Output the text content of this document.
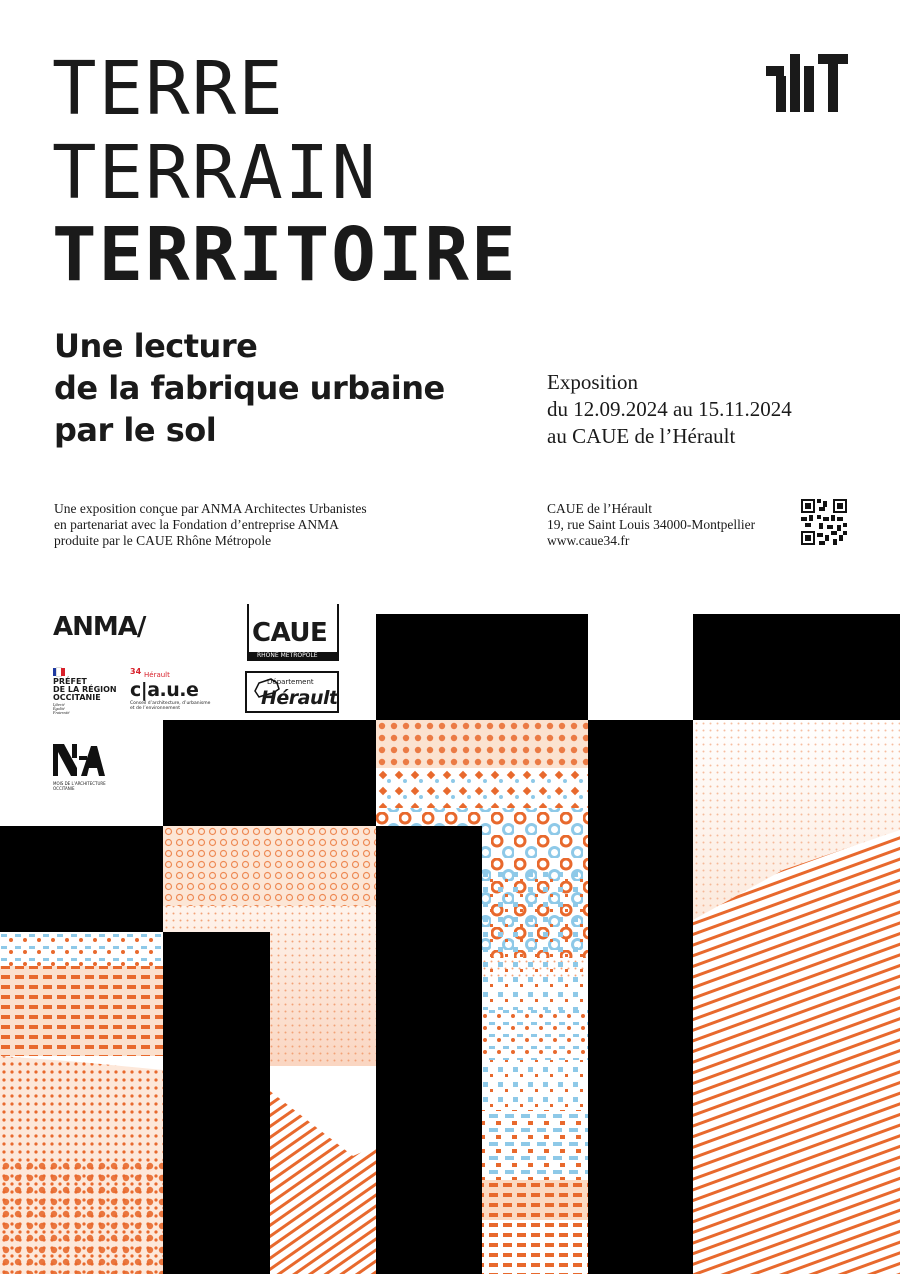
TERRE
TERRAIN
TERRITOIRE
Une lecture
de la fabrique urbaine
par le sol
Exposition
du 12.09.2024 au 15.11.2024
au CAUE de l’Hérault
Une exposition conçue par ANMA Architectes Urbanistes
en partenariat avec la Fondation d’entreprise ANMA
produite par le CAUE Rhône Métropole
CAUE de l’Hérault
19, rue Saint Louis 34000-Montpellier
www.caue34.fr
ANMA/	CAUE
RHÔNE MÉTROPOLE
PRÉFET
DE LA RÉGION
OCCITANIE
Liberté
Égalité
Fraternité
34 Hérault
c|a.u.e
Conseil d’architecture, d’urbanisme
et de l’environnement
Département
Hérault
MOIS DE L’ARCHITECTURE
OCCITANIE
